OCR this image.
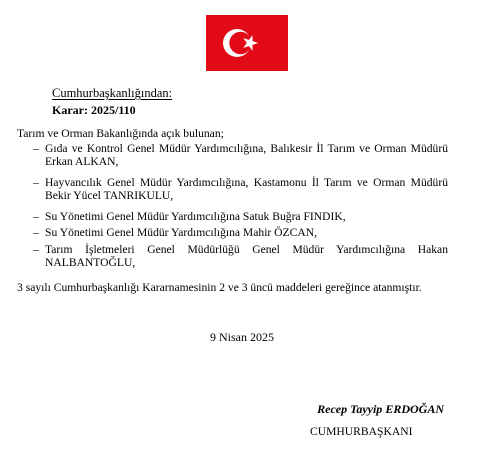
Cumhurbaşkanlığından:
Karar: 2025/110
Tarım ve Orman Bakanlığında açık bulunan;
– Gıda ve Kontrol Genel Müdür Yardımcılığına, Balıkesir İl Tarım ve Orman Müdürü
Erkan ALKAN,
– Hayvancılık Genel Müdür Yardımcılığına, Kastamonu İl Tarım ve Orman Müdürü
Bekir Yücel TANRIKULU,
– Su Yönetimi Genel Müdür Yardımcılığına Satuk Buğra FINDIK,
– Su Yönetimi Genel Müdür Yardımcılığına Mahir ÖZCAN,
– Tarım İşletmeleri Genel Müdürlüğü Genel Müdür Yardımcılığına Hakan
NALBANTOĞLU,
3 sayılı Cumhurbaşkanlığı Kararnamesinin 2 ve 3 üncü maddeleri gereğince atanmıştır.
9 Nisan 2025
Recep Tayyip ERDOĞAN
CUMHURBAŞKANI
